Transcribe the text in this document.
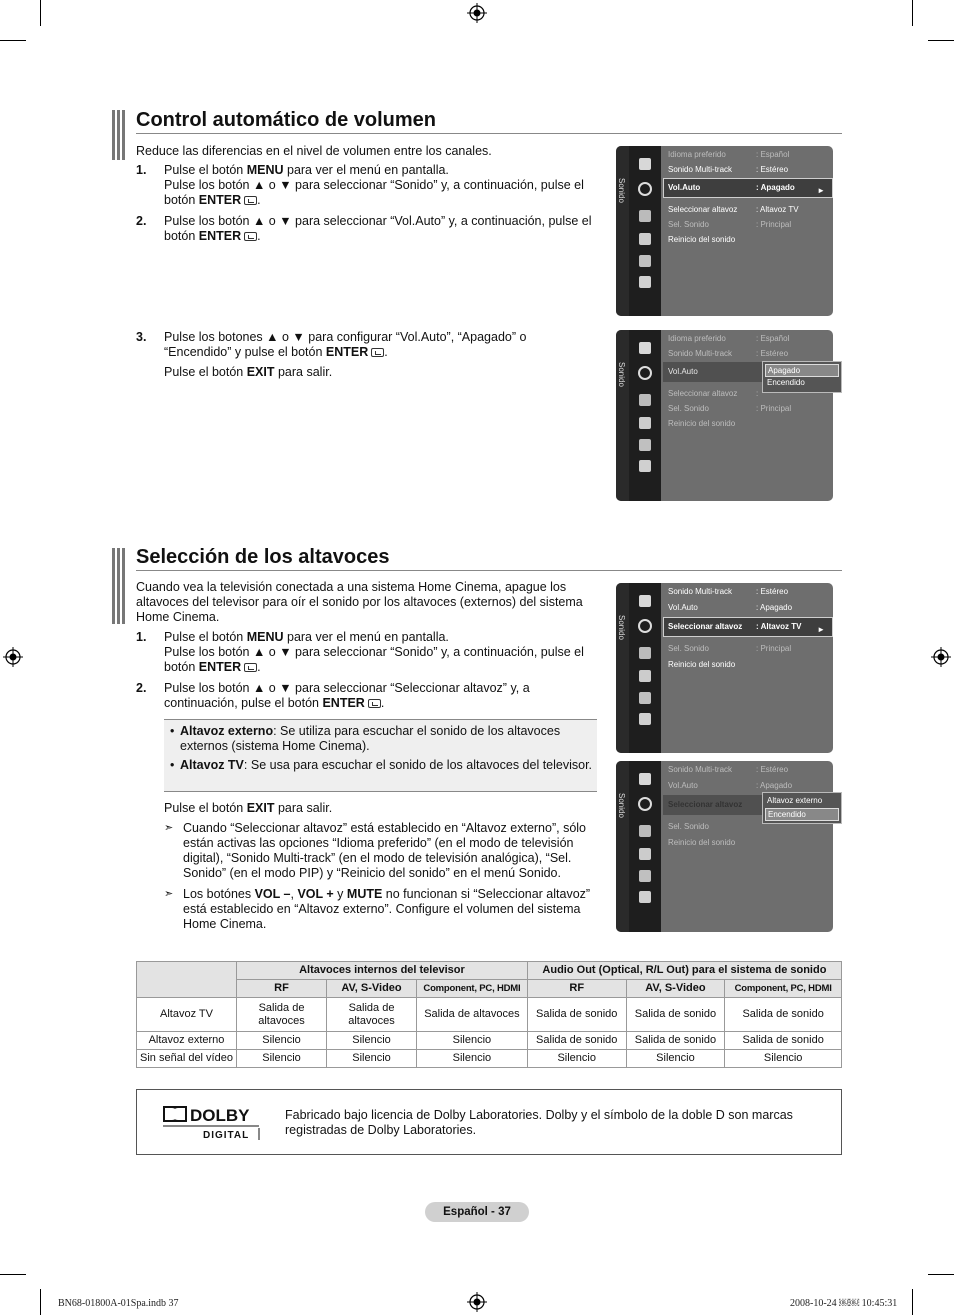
Control automático de volumen
Reduce las diferencias en el nivel de volumen entre los canales.
1. Pulse el botón MENU para ver el menú en pantalla.
Pulse los botón ▲ o ▼ para seleccionar “Sonido” y, a continuación, pulse el botón ENTER .
2. Pulse los botón ▲ o ▼ para seleccionar “Vol.Auto” y, a continuación, pulse el botón ENTER .
3. Pulse los botones ▲ o ▼ para configurar “Vol.Auto”, “Apagado” o “Encendido” y pulse el botón ENTER .
Pulse el botón EXIT para salir.
Sonido
Idioma preferido	: Español
Sonido Multi-track	: Estéreo
Vol.Auto	: Apagado	►
Seleccionar altavoz : Altavoz TV
Sel. Sonido	: Principal
Reinicio del sonido
Sonido
Idioma preferido	: Español
Sonido Multi-track	: Estéreo
Vol.Auto
Seleccionar altavoz :
Sel. Sonido	: Principal
Reinicio del sonido
Apagado
Encendido
Selección de los altavoces
Cuando vea la televisión conectada a una sistema Home Cinema, apague los altavoces del televisor para oír el sonido por los altavoces (externos) del sistema Home Cinema.
1. Pulse el botón MENU para ver el menú en pantalla.
Pulse los botón ▲ o ▼ para seleccionar “Sonido” y, a continuación, pulse el botón ENTER .
2. Pulse los botón ▲ o ▼ para seleccionar “Seleccionar altavoz” y, a continuación, pulse el botón ENTER .
• Altavoz externo: Se utiliza para escuchar el sonido de los altavoces externos (sistema Home Cinema).
• Altavoz TV: Se usa para escuchar el sonido de los altavoces del televisor.
Pulse el botón EXIT para salir.
➣ Cuando “Seleccionar altavoz” está establecido en “Altavoz externo”, sólo están activas las opciones “Idioma preferido” (en el modo de televisión digital), “Sonido Multi-track” (en el modo de televisión analógica), “Sel. Sonido” (en el modo PIP) y “Reinicio del sonido” en el menú Sonido.
➣ Los botónes VOL –, VOL + y MUTE no funcionan si “Seleccionar altavoz” está establecido en “Altavoz externo”. Configure el volumen del sistema Home Cinema.
Sonido
Sonido Multi-track	: Estéreo
Vol.Auto	: Apagado
Seleccionar altavoz : Altavoz TV ►
Sel. Sonido	: Principal
Reinicio del sonido
Sonido
Sonido Multi-track	: Estéreo
Vol.Auto	: Apagado
Seleccionar altavoz
Sel. Sonido
Reinicio del sonido
Altavoz externo
Encendido
	Altavoces internos del televisor			Audio Out (Optical, R/L Out) para el sistema de sonido		
	RF	AV, S-Video	Component, PC, HDMI	RF	AV, S-Video	Component, PC, HDMI
Altavoz TV	Salida de altavoces	Salida de altavoces	Salida de altavoces	Salida de sonido	Salida de sonido	Salida de sonido
Altavoz externo	Silencio	Silencio	Silencio	Salida de sonido	Salida de sonido	Salida de sonido
Sin señal del vídeo	Silencio	Silencio	Silencio	Silencio	Silencio	Silencio
DOLBY
DIGITAL
Fabricado bajo licencia de Dolby Laboratories. Dolby y el símbolo de la doble D son marcas registradas de Dolby Laboratories.
Español - 37
BN68-01800A-01Spa.indb 37	2008-10-24 ￼￼ 10:45:31
